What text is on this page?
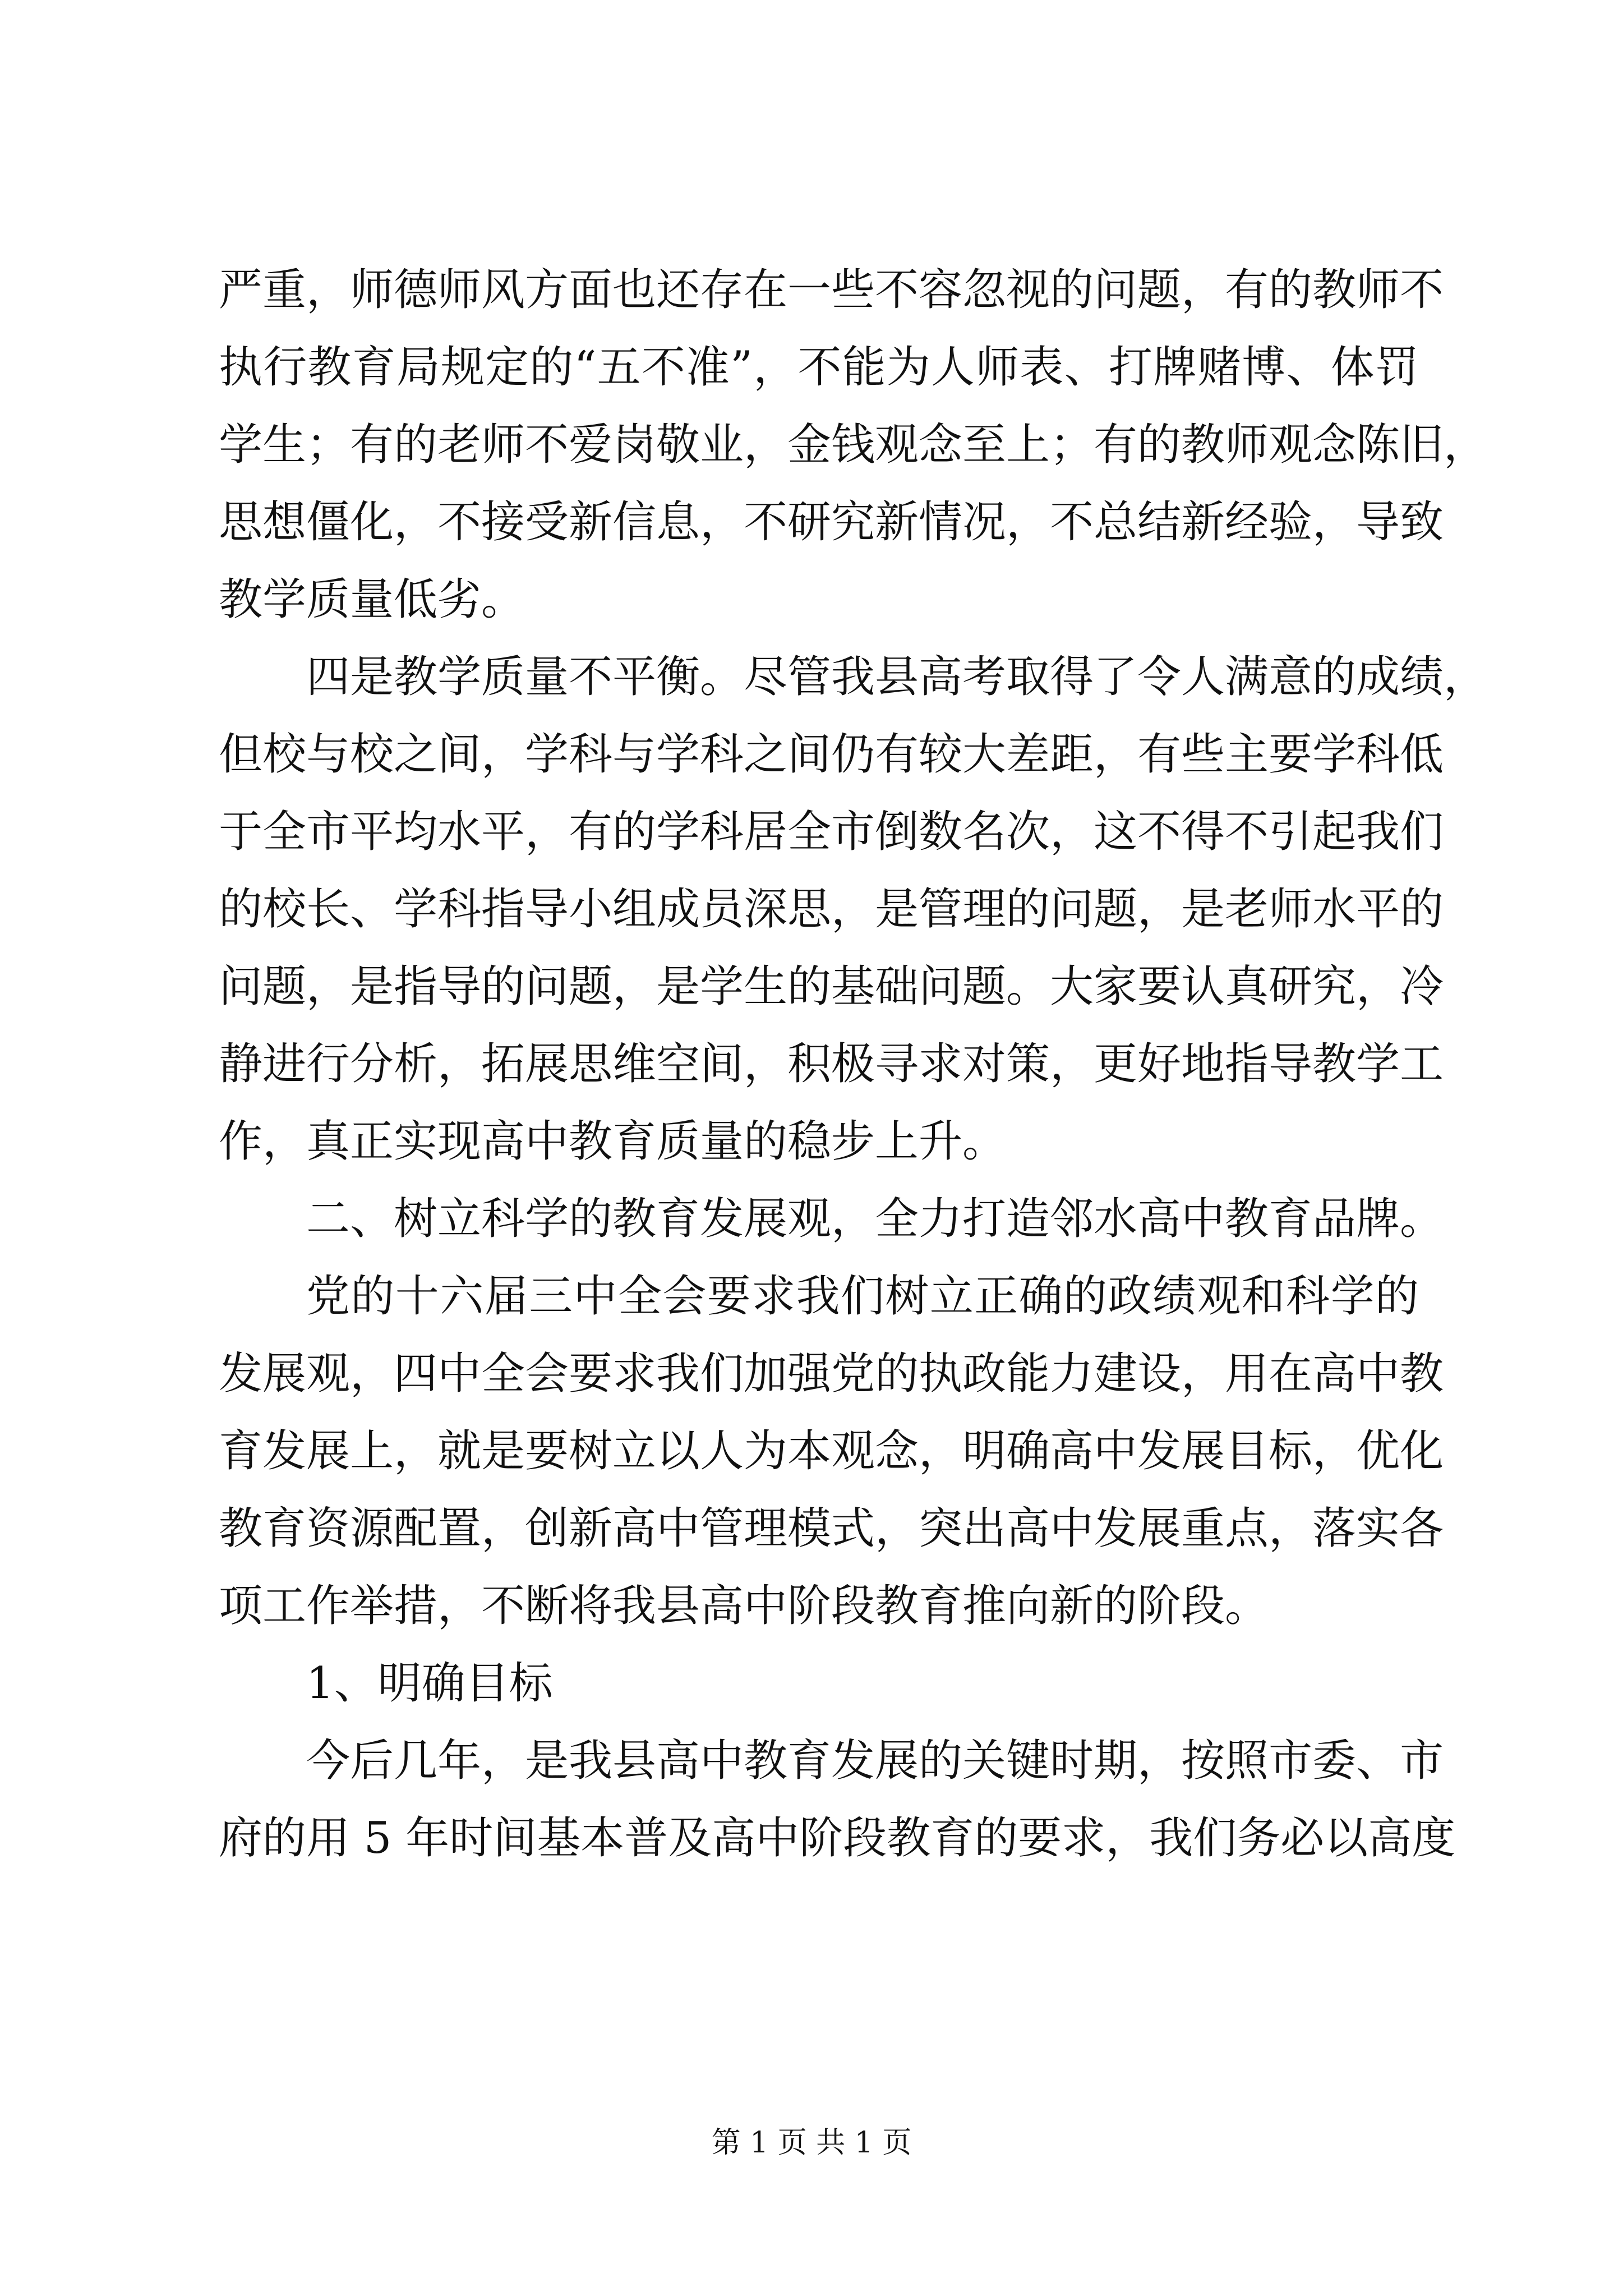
严重，师德师风方面也还存在一些不容忽视的问题，有的教师不
执行教育局规定的“五不准”，不能为人师表、打牌赌博、体罚
学生；有的老师不爱岗敬业，金钱观念至上；有的教师观念陈旧，
思想僵化，不接受新信息，不研究新情况，不总结新经验，导致
教学质量低劣。
四是教学质量不平衡。尽管我县高考取得了令人满意的成绩，
但校与校之间，学科与学科之间仍有较大差距，有些主要学科低
于全市平均水平，有的学科居全市倒数名次，这不得不引起我们
的校长、学科指导小组成员深思，是管理的问题，是老师水平的
问题，是指导的问题，是学生的基础问题。大家要认真研究，冷
静进行分析，拓展思维空间，积极寻求对策，更好地指导教学工
作，真正实现高中教育质量的稳步上升。
二、树立科学的教育发展观，全力打造邻水高中教育品牌。
党的十六届三中全会要求我们树立正确的政绩观和科学的
发展观，四中全会要求我们加强党的执政能力建设，用在高中教
育发展上，就是要树立以人为本观念，明确高中发展目标，优化
教育资源配置，创新高中管理模式，突出高中发展重点，落实各
项工作举措，不断将我县高中阶段教育推向新的阶段。
1、明确目标
今后几年，是我县高中教育发展的关键时期，按照市委、市
府的用 5 年时间基本普及高中阶段教育的要求，我们务必以高度
第 1 页 共 1 页
